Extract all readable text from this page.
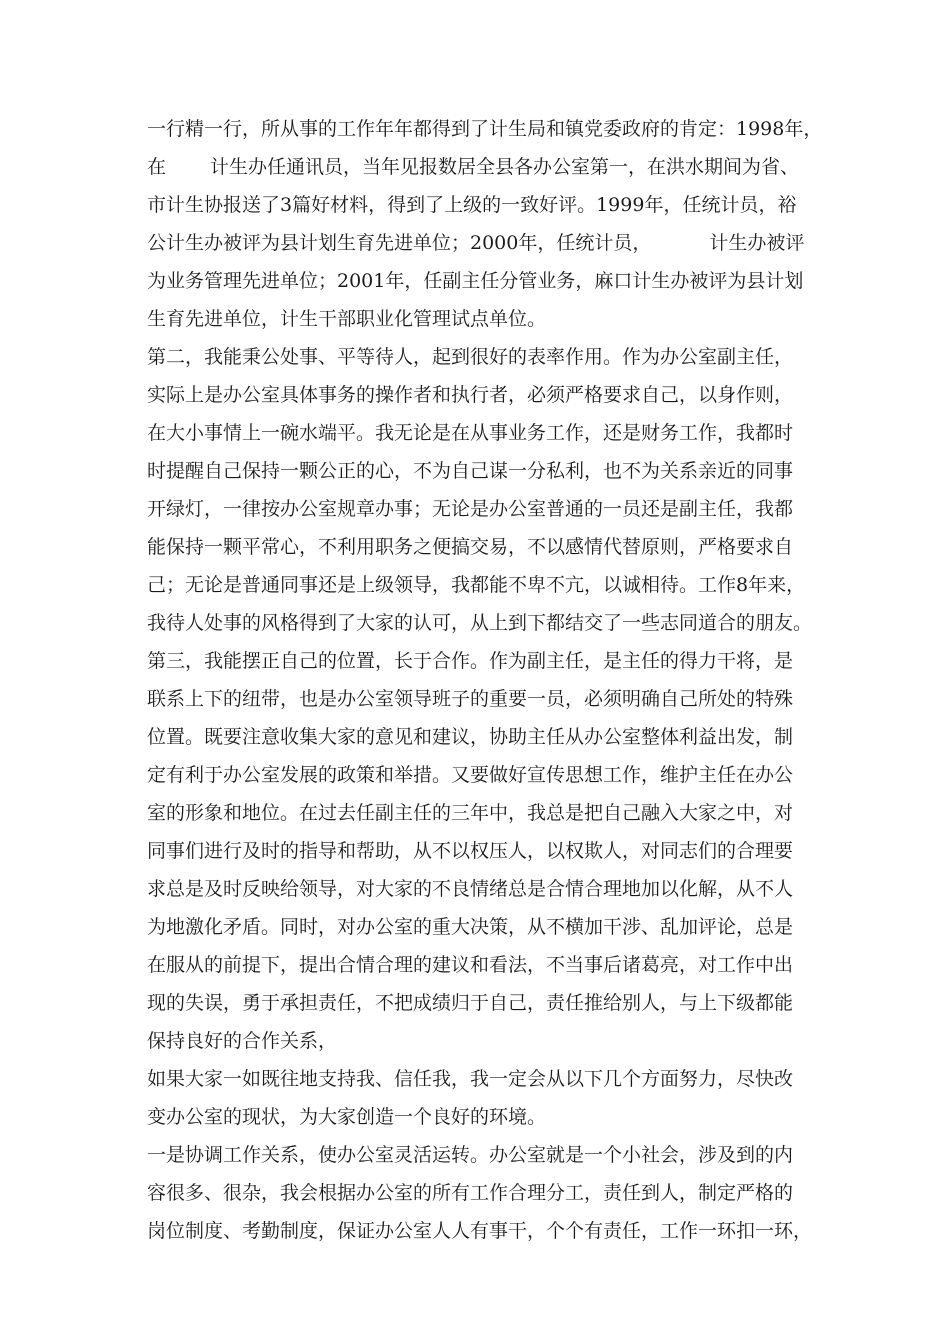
一行精一行，所从事的工作年年都得到了计生局和镇党委政府的肯定：1998年，
在 计生办任通讯员，当年见报数居全县各办公室第一，在洪水期间为省、
市计生协报送了3篇好材料，得到了上级的一致好评。1999年，任统计员，裕
公计生办被评为县计划生育先进单位；2000年，任统计员，	计生办被评
为业务管理先进单位；2001年，任副主任分管业务，麻口计生办被评为县计划
生育先进单位，计生干部职业化管理试点单位。
第二，我能秉公处事、平等待人，起到很好的表率作用。作为办公室副主任，
实际上是办公室具体事务的操作者和执行者，必须严格要求自己，以身作则，
在大小事情上一碗水端平。我无论是在从事业务工作，还是财务工作，我都时
时提醒自己保持一颗公正的心，不为自己谋一分私利，也不为关系亲近的同事
开绿灯，一律按办公室规章办事；无论是办公室普通的一员还是副主任，我都
能保持一颗平常心，不利用职务之便搞交易，不以感情代替原则，严格要求自
己；无论是普通同事还是上级领导，我都能不卑不亢，以诚相待。工作8年来，
我待人处事的风格得到了大家的认可，从上到下都结交了一些志同道合的朋友。
第三，我能摆正自己的位置，长于合作。作为副主任，是主任的得力干将，是
联系上下的纽带，也是办公室领导班子的重要一员，必须明确自己所处的特殊
位置。既要注意收集大家的意见和建议，协助主任从办公室整体利益出发，制
定有利于办公室发展的政策和举措。又要做好宣传思想工作，维护主任在办公
室的形象和地位。在过去任副主任的三年中，我总是把自己融入大家之中，对
同事们进行及时的指导和帮助，从不以权压人，以权欺人，对同志们的合理要
求总是及时反映给领导，对大家的不良情绪总是合情合理地加以化解，从不人
为地激化矛盾。同时，对办公室的重大决策，从不横加干涉、乱加评论，总是
在服从的前提下，提出合情合理的建议和看法，不当事后诸葛亮，对工作中出
现的失误，勇于承担责任，不把成绩归于自己，责任推给别人，与上下级都能
保持良好的合作关系，
如果大家一如既往地支持我、信任我，我一定会从以下几个方面努力，尽快改
变办公室的现状，为大家创造一个良好的环境。
一是协调工作关系，使办公室灵活运转。办公室就是一个小社会，涉及到的内
容很多、很杂，我会根据办公室的所有工作合理分工，责任到人，制定严格的
岗位制度、考勤制度，保证办公室人人有事干，个个有责任，工作一环扣一环，
